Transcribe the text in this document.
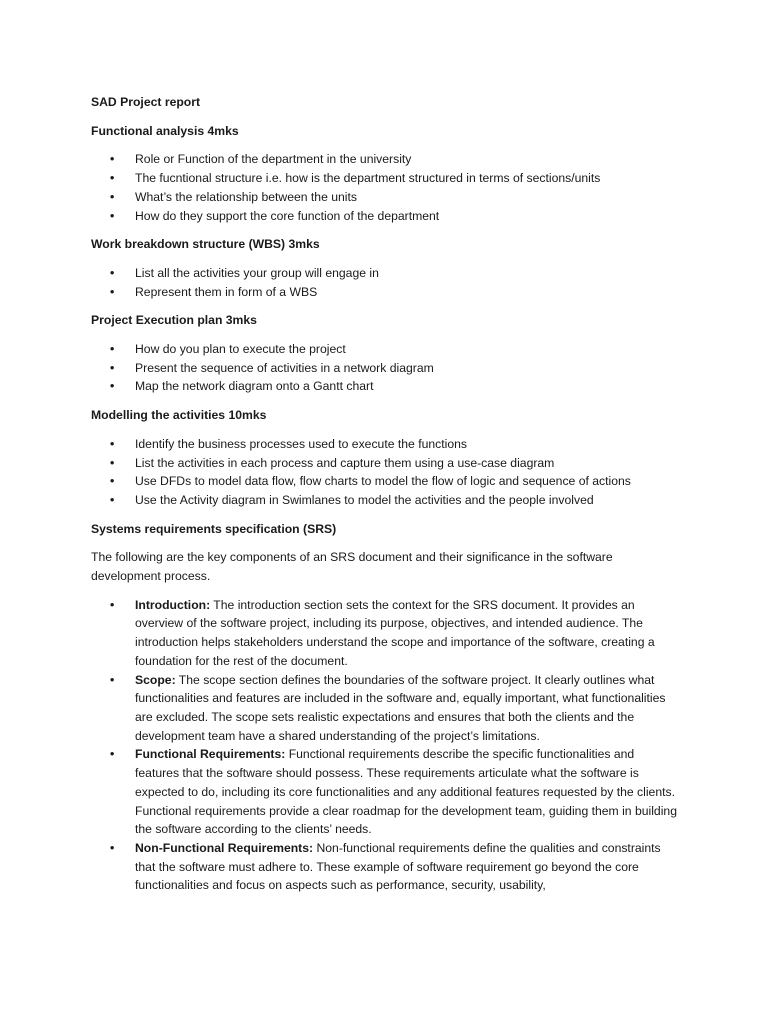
SAD Project report
Functional analysis 4mks
• Role or Function of the department in the university
• The fucntional structure i.e. how is the department structured in terms of sections/units
• What’s the relationship between the units
• How do they support the core function of the department
Work breakdown structure (WBS) 3mks
• List all the activities your group will engage in
• Represent them in form of a WBS
Project Execution plan 3mks
• How do you plan to execute the project
• Present the sequence of activities in a network diagram
• Map the network diagram onto a Gantt chart
Modelling the activities 10mks
• Identify the business processes used to execute the functions
• List the activities in each process and capture them using a use-case diagram
• Use DFDs to model data flow, flow charts to model the flow of logic and sequence of actions
• Use the Activity diagram in Swimlanes to model the activities and the people involved
Systems requirements specification (SRS)

The following are the key components of an SRS document and their significance in the software development process.

• Introduction: The introduction section sets the context for the SRS document. It provides an overview of the software project, including its purpose, objectives, and intended audience. The introduction helps stakeholders understand the scope and importance of the software, creating a foundation for the rest of the document.
• Scope: The scope section defines the boundaries of the software project. It clearly outlines what functionalities and features are included in the software and, equally important, what functionalities are excluded. The scope sets realistic expectations and ensures that both the clients and the development team have a shared understanding of the project’s limitations.
• Functional Requirements: Functional requirements describe the specific functionalities and features that the software should possess. These requirements articulate what the software is expected to do, including its core functionalities and any additional features requested by the clients. Functional requirements provide a clear roadmap for the development team, guiding them in building the software according to the clients’ needs.
• Non-Functional Requirements: Non-functional requirements define the qualities and constraints that the software must adhere to. These example of software requirement go beyond the core functionalities and focus on aspects such as performance, security, usability,
